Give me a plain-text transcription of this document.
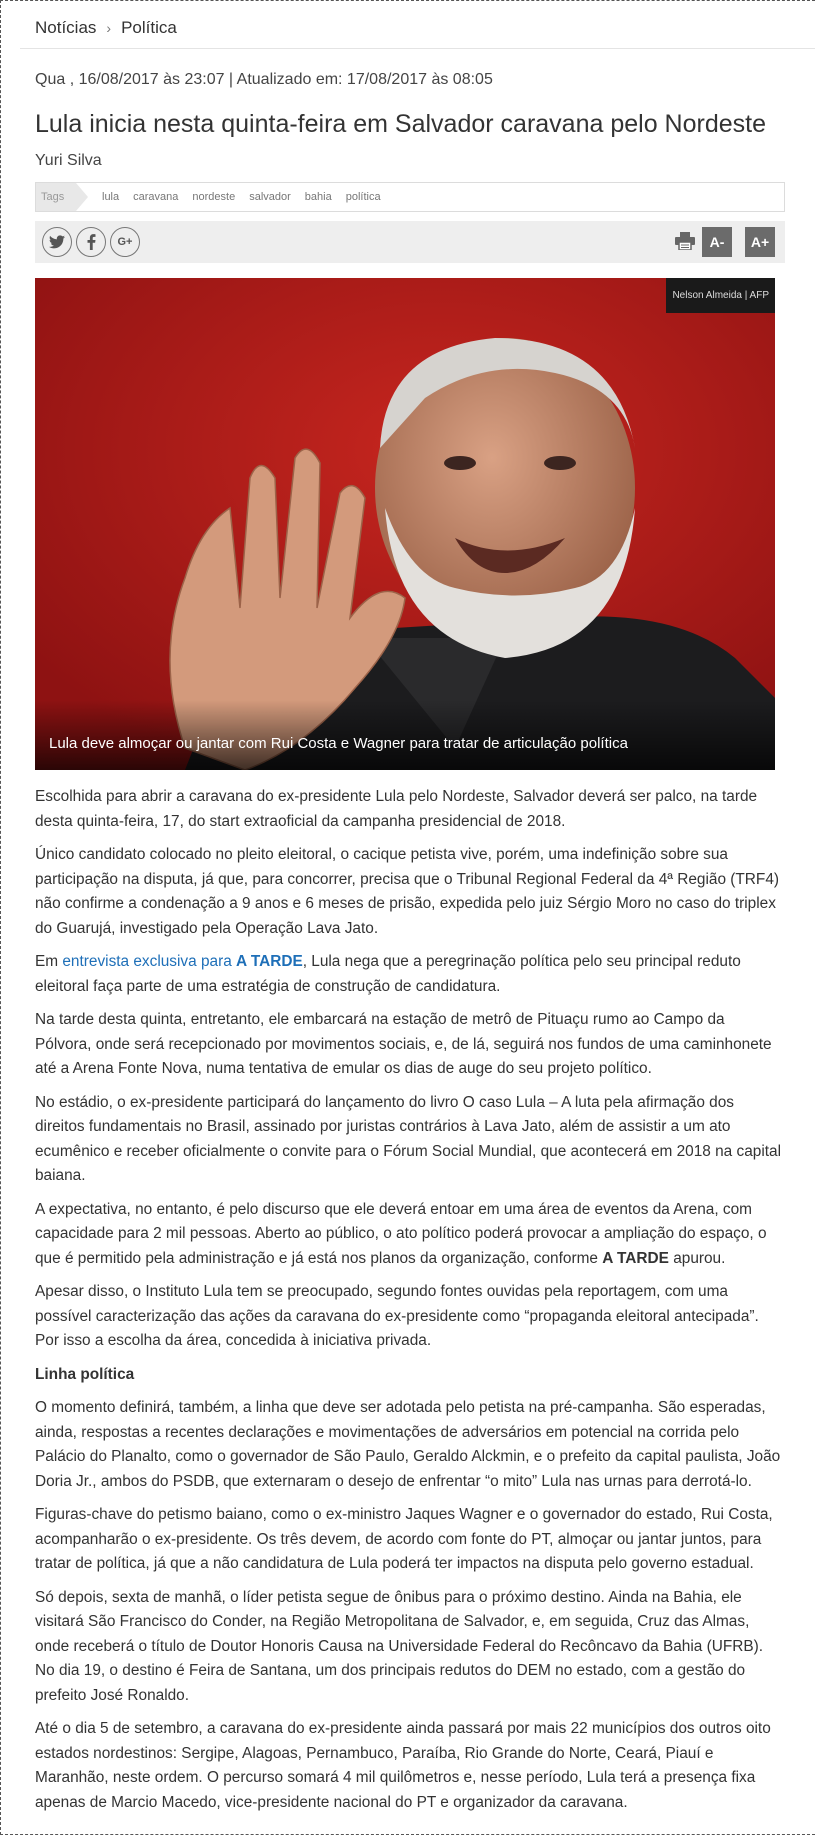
Notícias › Política
Qua , 16/08/2017 às 23:07 | Atualizado em: 17/08/2017 às 08:05
Lula inicia nesta quinta-feira em Salvador caravana pelo Nordeste
Yuri Silva
Tags	lula caravana nordeste salvador bahia política
G+	A-	A+
Nelson Almeida | AFP
Lula deve almoçar ou jantar com Rui Costa e Wagner para tratar de articulação política

Escolhida para abrir a caravana do ex-presidente Lula pelo Nordeste, Salvador deverá ser palco, na tarde desta quinta-feira, 17, do start extraoficial da campanha presidencial de 2018.

Único candidato colocado no pleito eleitoral, o cacique petista vive, porém, uma indefinição sobre sua participação na disputa, já que, para concorrer, precisa que o Tribunal Regional Federal da 4ª Região (TRF4) não confirme a condenação a 9 anos e 6 meses de prisão, expedida pelo juiz Sérgio Moro no caso do triplex do Guarujá, investigado pela Operação Lava Jato.

Em entrevista exclusiva para A TARDE, Lula nega que a peregrinação política pelo seu principal reduto eleitoral faça parte de uma estratégia de construção de candidatura.

Na tarde desta quinta, entretanto, ele embarcará na estação de metrô de Pituaçu rumo ao Campo da Pólvora, onde será recepcionado por movimentos sociais, e, de lá, seguirá nos fundos de uma caminhonete até a Arena Fonte Nova, numa tentativa de emular os dias de auge do seu projeto político.

No estádio, o ex-presidente participará do lançamento do livro O caso Lula – A luta pela afirmação dos direitos fundamentais no Brasil, assinado por juristas contrários à Lava Jato, além de assistir a um ato ecumênico e receber oficialmente o convite para o Fórum Social Mundial, que acontecerá em 2018 na capital baiana.

A expectativa, no entanto, é pelo discurso que ele deverá entoar em uma área de eventos da Arena, com capacidade para 2 mil pessoas. Aberto ao público, o ato político poderá provocar a ampliação do espaço, o que é permitido pela administração e já está nos planos da organização, conforme A TARDE apurou.

Apesar disso, o Instituto Lula tem se preocupado, segundo fontes ouvidas pela reportagem, com uma possível caracterização das ações da caravana do ex-presidente como “propaganda eleitoral antecipada”. Por isso a escolha da área, concedida à iniciativa privada.

Linha política

O momento definirá, também, a linha que deve ser adotada pelo petista na pré-campanha. São esperadas, ainda, respostas a recentes declarações e movimentações de adversários em potencial na corrida pelo Palácio do Planalto, como o governador de São Paulo, Geraldo Alckmin, e o prefeito da capital paulista, João Doria Jr., ambos do PSDB, que externaram o desejo de enfrentar “o mito” Lula nas urnas para derrotá-lo.

Figuras-chave do petismo baiano, como o ex-ministro Jaques Wagner e o governador do estado, Rui Costa, acompanharão o ex-presidente. Os três devem, de acordo com fonte do PT, almoçar ou jantar juntos, para tratar de política, já que a não candidatura de Lula poderá ter impactos na disputa pelo governo estadual.

Só depois, sexta de manhã, o líder petista segue de ônibus para o próximo destino. Ainda na Bahia, ele visitará São Francisco do Conder, na Região Metropolitana de Salvador, e, em seguida, Cruz das Almas, onde receberá o título de Doutor Honoris Causa na Universidade Federal do Recôncavo da Bahia (UFRB). No dia 19, o destino é Feira de Santana, um dos principais redutos do DEM no estado, com a gestão do prefeito José Ronaldo.

Até o dia 5 de setembro, a caravana do ex-presidente ainda passará por mais 22 municípios dos outros oito estados nordestinos: Sergipe, Alagoas, Pernambuco, Paraíba, Rio Grande do Norte, Ceará, Piauí e Maranhão, neste ordem. O percurso somará 4 mil quilômetros e, nesse período, Lula terá a presença fixa apenas de Marcio Macedo, vice-presidente nacional do PT e organizador da caravana.
